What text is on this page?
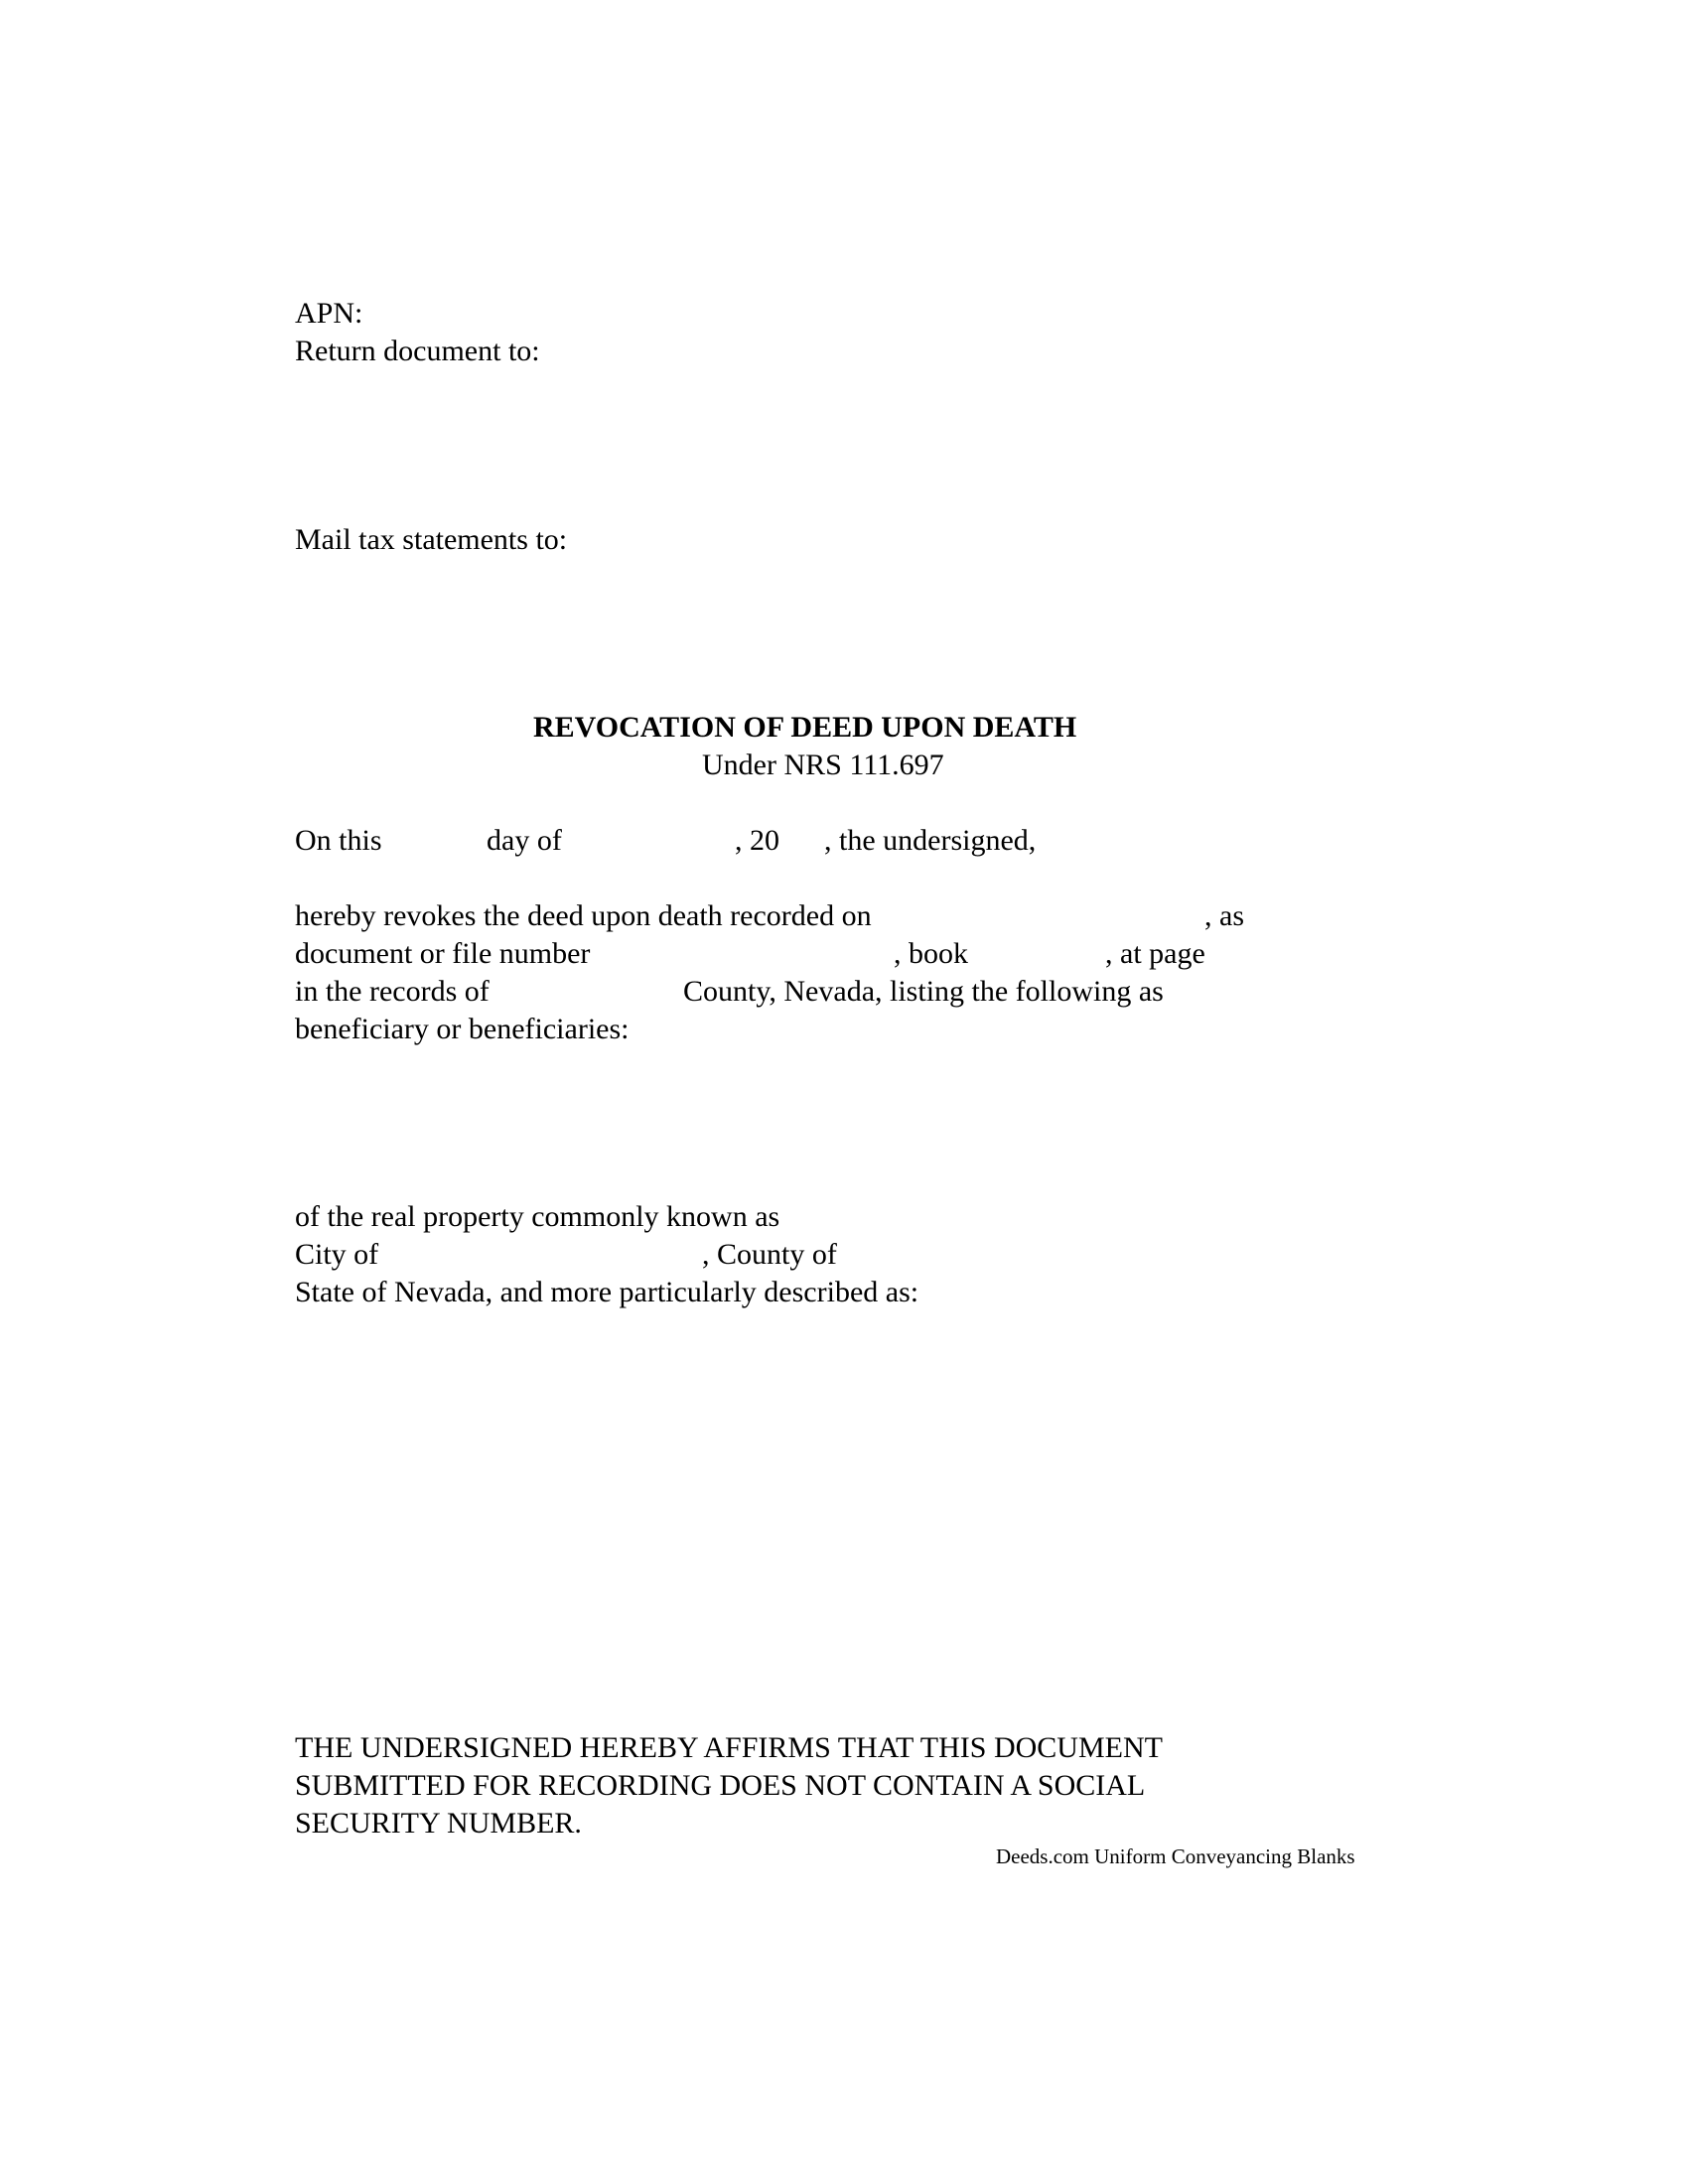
APN:
Return document to:
Mail tax statements to:
REVOCATION OF DEED UPON DEATH
Under NRS 111.697
On this	day of	, 20 , the undersigned,
hereby revokes the deed upon death recorded on	, as
document or file number	, book	, at page
in the records of	County, Nevada, listing the following as
beneficiary or beneficiaries:
of the real property commonly known as
City of	, County of
State of Nevada, and more particularly described as:
THE UNDERSIGNED HEREBY AFFIRMS THAT THIS DOCUMENT
SUBMITTED FOR RECORDING DOES NOT CONTAIN A SOCIAL
SECURITY NUMBER.
Deeds.com Uniform Conveyancing Blanks
